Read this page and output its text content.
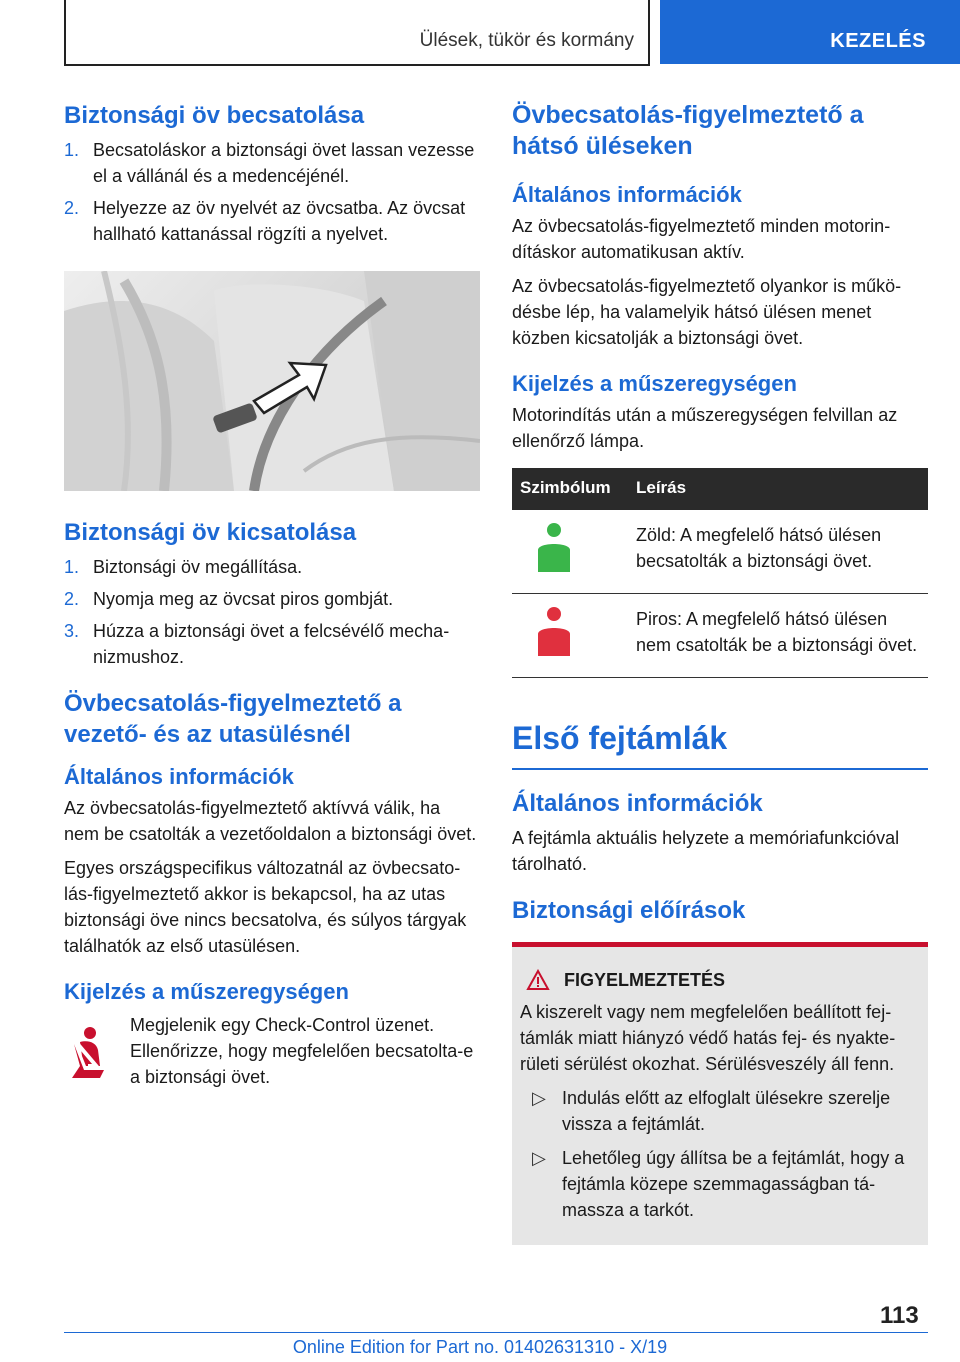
Ülések, tükör és kormány	KEZELÉS
Biztonsági öv becsatolása
1. Becsatoláskor a biztonsági övet lassan vezesse el a vállánál és a medencéjénél.
2. Helyezze az öv nyelvét az övcsatba. Az övcsat hallható kattanással rögzíti a nyelvet.
Biztonsági öv kicsatolása
1. Biztonsági öv megállítása.
2. Nyomja meg az övcsat piros gombját.
3. Húzza a biztonsági övet a felcsévélő mechanizmushoz.
Övbecsatolás-figyelmeztető a vezető- és az utasülésnél
Általános információk
Az övbecsatolás-figyelmeztető aktívvá válik, ha nem be csatolták a vezetőoldalon a biztonsági övet.
Egyes országspecifikus változatnál az övbecsatolás-figyelmeztető akkor is bekapcsol, ha az utas biztonsági öve nincs becsatolva, és súlyos tárgyak találhatók az első utasülésen.
Kijelzés a műszeregységen
Megjelenik egy Check-Control üzenet. Ellenőrizze, hogy megfelelően becsatolta-e a biztonsági övet.
Övbecsatolás-figyelmeztető a hátsó üléseken
Általános információk
Az övbecsatolás-figyelmeztető minden motorindításkor automatikusan aktív.
Az övbecsatolás-figyelmeztető olyankor is működésbe lép, ha valamelyik hátsó ülésen menet közben kicsatolják a biztonsági övet.
Kijelzés a műszeregységen
Motorindítás után a műszeregységen felvillan az ellenőrző lámpa.
Szimbólum	Leírás
	Zöld: A megfelelő hátsó ülésen becsatolták a biztonsági övet.
	Piros: A megfelelő hátsó ülésen nem csatolták be a biztonsági övet.
Első fejtámlák
Általános információk
A fejtámla aktuális helyzete a memóriafunkcióval tárolható.
Biztonsági előírások
FIGYELMEZTETÉS

A kiszerelt vagy nem megfelelően beállított fejtámlák miatt hiányzó védő hatás fej- és nyakterületi sérülést okozhat. Sérülésveszély áll fenn.

▷ Indulás előtt az elfoglalt ülésekre szerelje vissza a fejtámlát.
▷ Lehetőleg úgy állítsa be a fejtámlát, hogy a fejtámla közepe szemmagasságban támassza a tarkót.
113
Online Edition for Part no. 01402631310 - X/19
